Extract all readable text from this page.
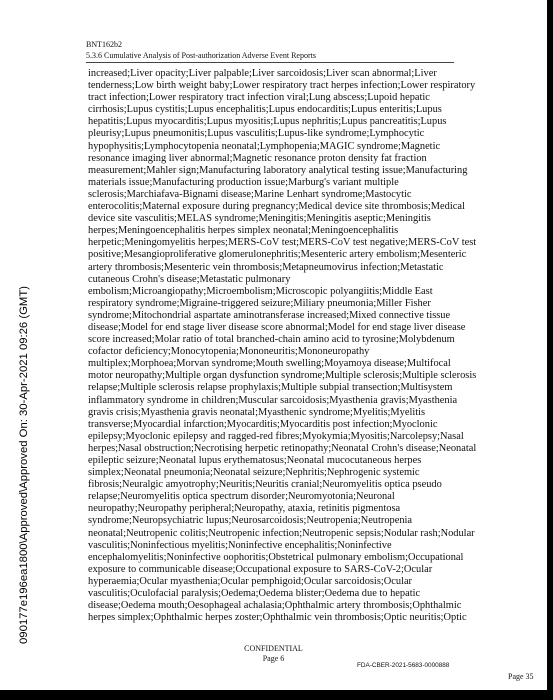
BNT162b2
5.3.6 Cumulative Analysis of Post-authorization Adverse Event Reports

increased;Liver opacity;Liver palpable;Liver sarcoidosis;Liver scan abnormal;Liver

tenderness;Low birth weight baby;Lower respiratory tract herpes infection;Lower respiratory

tract infection;Lower respiratory tract infection viral;Lung abscess;Lupoid hepatic

cirrhosis;Lupus cystitis;Lupus encephalitis;Lupus endocarditis;Lupus enteritis;Lupus

hepatitis;Lupus myocarditis;Lupus myositis;Lupus nephritis;Lupus pancreatitis;Lupus

pleurisy;Lupus pneumonitis;Lupus vasculitis;Lupus-like syndrome;Lymphocytic

hypophysitis;Lymphocytopenia neonatal;Lymphopenia;MAGIC syndrome;Magnetic

resonance imaging liver abnormal;Magnetic resonance proton density fat fraction

measurement;Mahler sign;Manufacturing laboratory analytical testing issue;Manufacturing

materials issue;Manufacturing production issue;Marburg's variant multiple

sclerosis;Marchiafava-Bignami disease;Marine Lenhart syndrome;Mastocytic

enterocolitis;Maternal exposure during pregnancy;Medical device site thrombosis;Medical

device site vasculitis;MELAS syndrome;Meningitis;Meningitis aseptic;Meningitis

herpes;Meningoencephalitis herpes simplex neonatal;Meningoencephalitis

herpetic;Meningomyelitis herpes;MERS-CoV test;MERS-CoV test negative;MERS-CoV test

positive;Mesangioproliferative glomerulonephritis;Mesenteric artery embolism;Mesenteric

artery thrombosis;Mesenteric vein thrombosis;Metapneumovirus infection;Metastatic

cutaneous Crohn's disease;Metastatic pulmonary

embolism;Microangiopathy;Microembolism;Microscopic polyangiitis;Middle East

respiratory syndrome;Migraine-triggered seizure;Miliary pneumonia;Miller Fisher

syndrome;Mitochondrial aspartate aminotransferase increased;Mixed connective tissue

disease;Model for end stage liver disease score abnormal;Model for end stage liver disease

score increased;Molar ratio of total branched-chain amino acid to tyrosine;Molybdenum

cofactor deficiency;Monocytopenia;Mononeuritis;Mononeuropathy

multiplex;Morphoea;Morvan syndrome;Mouth swelling;Moyamoya disease;Multifocal

motor neuropathy;Multiple organ dysfunction syndrome;Multiple sclerosis;Multiple sclerosis

relapse;Multiple sclerosis relapse prophylaxis;Multiple subpial transection;Multisystem

inflammatory syndrome in children;Muscular sarcoidosis;Myasthenia gravis;Myasthenia

gravis crisis;Myasthenia gravis neonatal;Myasthenic syndrome;Myelitis;Myelitis

transverse;Myocardial infarction;Myocarditis;Myocarditis post infection;Myoclonic

epilepsy;Myoclonic epilepsy and ragged-red fibres;Myokymia;Myositis;Narcolepsy;Nasal

herpes;Nasal obstruction;Necrotising herpetic retinopathy;Neonatal Crohn's disease;Neonatal

epileptic seizure;Neonatal lupus erythematosus;Neonatal mucocutaneous herpes

simplex;Neonatal pneumonia;Neonatal seizure;Nephritis;Nephrogenic systemic

fibrosis;Neuralgic amyotrophy;Neuritis;Neuritis cranial;Neuromyelitis optica pseudo

relapse;Neuromyelitis optica spectrum disorder;Neuromyotonia;Neuronal

neuropathy;Neuropathy peripheral;Neuropathy, ataxia, retinitis pigmentosa

syndrome;Neuropsychiatric lupus;Neurosarcoidosis;Neutropenia;Neutropenia

neonatal;Neutropenic colitis;Neutropenic infection;Neutropenic sepsis;Nodular rash;Nodular

vasculitis;Noninfectious myelitis;Noninfective encephalitis;Noninfective

encephalomyelitis;Noninfective oophoritis;Obstetrical pulmonary embolism;Occupational

exposure to communicable disease;Occupational exposure to SARS-CoV-2;Ocular

hyperaemia;Ocular myasthenia;Ocular pemphigoid;Ocular sarcoidosis;Ocular

vasculitis;Oculofacial paralysis;Oedema;Oedema blister;Oedema due to hepatic

disease;Oedema mouth;Oesophageal achalasia;Ophthalmic artery thrombosis;Ophthalmic

herpes simplex;Ophthalmic herpes zoster;Ophthalmic vein thrombosis;Optic neuritis;Optic

090177e196ea1800\Approved\Approved On: 30-Apr-2021 09:26 (GMT)
CONFIDENTIAL
Page 6
FDA-CBER-2021-5683-0000888
Page 35
